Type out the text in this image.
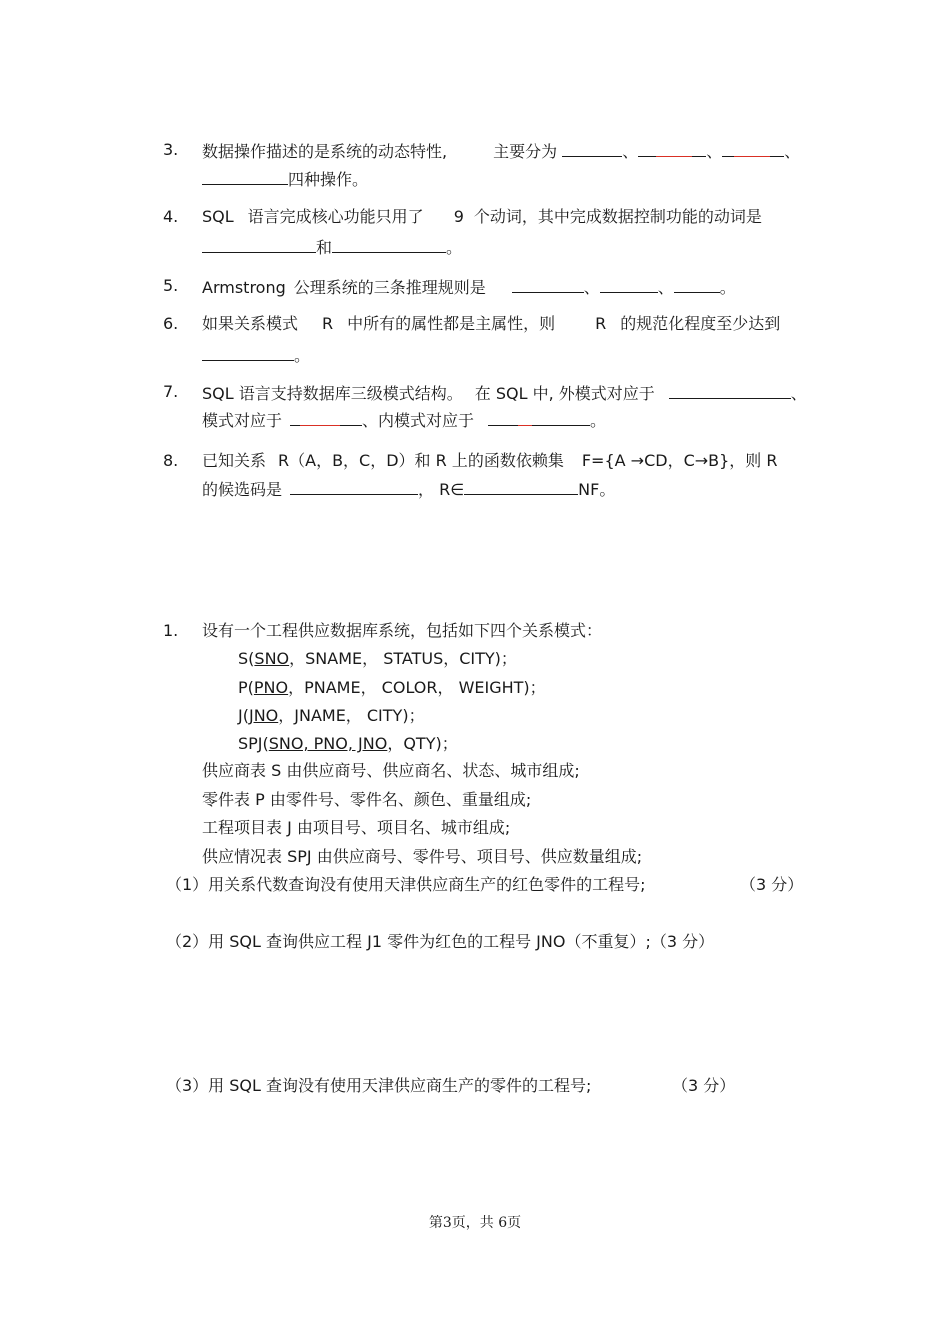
3. 数据操作描述的是系统的动态特性,	主要分为	、	、	、
四种操作。
4. SQL 语言完成核心功能只用了 9 个动词，其中完成数据控制功能的动词是
和	。
5. Armstrong 公理系统的三条推理规则是	、	、	。
6. 如果关系模式 R 中所有的属性都是主属性，则	R 的规范化程度至少达到
。
7. SQL 语言支持数据库三级模式结构。 在 SQL 中, 外模式对应于	、
模式对应于	、内模式对应于	。
8. 已知关系 R（A，B，C，D）和 R 上的函数依赖集 F={A →CD，C→B}，则 R
的候选码是	， R∈	NF。
1. 设有一个工程供应数据库系统，包括如下四个关系模式：
S(SNO，SNAME， STATUS，CITY)；
P(PNO，PNAME， COLOR， WEIGHT)；
J(JNO，JNAME， CITY)；
SPJ(SNO, PNO, JNO，QTY)；
供应商表 S 由供应商号、供应商名、状态、城市组成;
零件表 P 由零件号、零件名、颜色、重量组成;
工程项目表 J 由项目号、项目名、城市组成;
供应情况表 SPJ 由供应商号、零件号、项目号、供应数量组成;
（1）用关系代数查询没有使用天津供应商生产的红色零件的工程号;	（3 分）
（2）用 SQL 查询供应工程 J1 零件为红色的工程号 JNO（不重复）;（3 分）
（3）用 SQL 查询没有使用天津供应商生产的零件的工程号;	（3 分）
第3页，共 6页
